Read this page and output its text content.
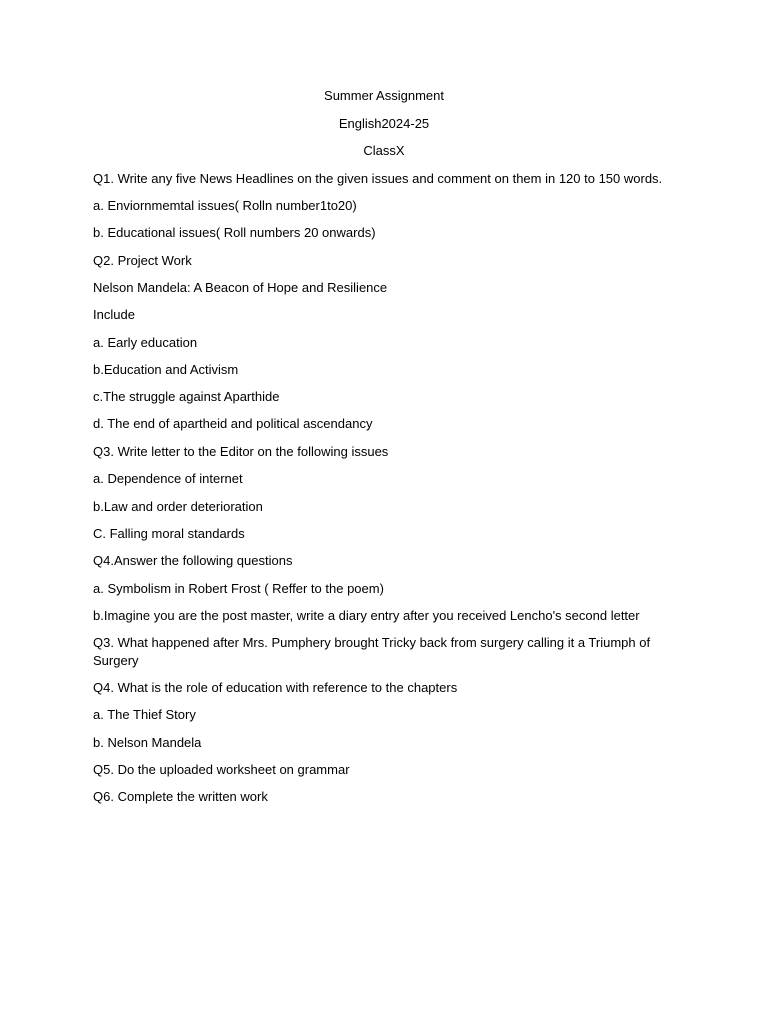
Summer Assignment
English2024-25
ClassX
Q1. Write any five News Headlines on the given issues and comment on them in 120 to 150 words.
a. Enviornmemtal issues( Rolln number1to20)
b. Educational issues( Roll numbers 20 onwards)
Q2. Project Work
Nelson Mandela: A Beacon of Hope and Resilience
Include
a. Early education
b.Education and Activism
c.The struggle against Aparthide
d. The end of apartheid and political ascendancy
Q3. Write letter to the Editor on the following issues
a. Dependence of internet
b.Law and order deterioration
C. Falling moral standards
Q4.Answer the following questions
a. Symbolism in Robert Frost ( Reffer to the poem)
b.Imagine you are the post master, write a diary entry after you received Lencho's second letter
Q3. What happened after Mrs. Pumphery brought Tricky back from surgery calling it a Triumph of Surgery
Q4. What is the role of education with reference to the chapters
a. The Thief Story
b. Nelson Mandela
Q5. Do the uploaded worksheet on grammar
Q6. Complete the written work
